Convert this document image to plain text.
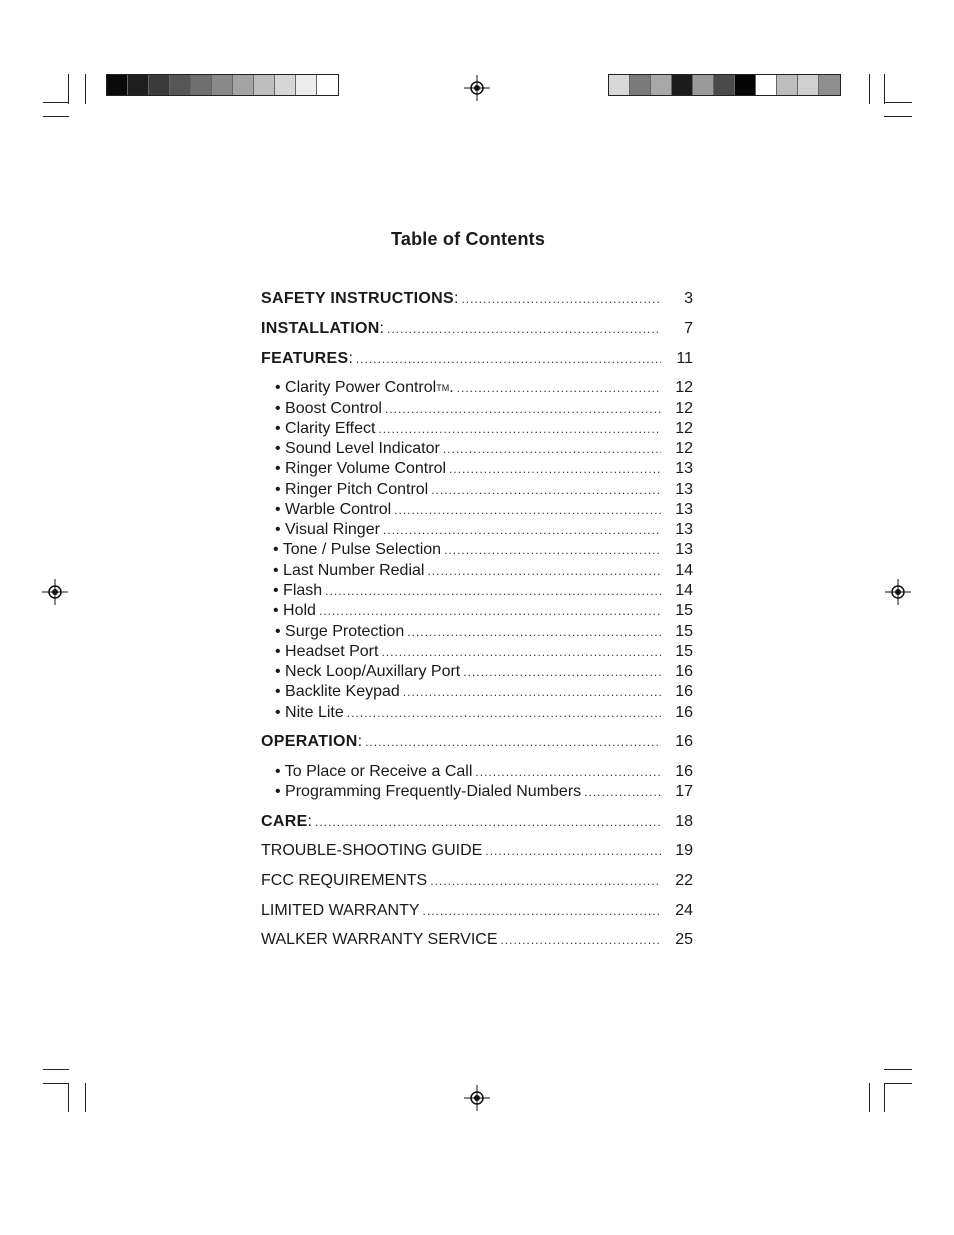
Table of Contents
SAFETY INSTRUCTIONS: .....	3
INSTALLATION: .....	7
FEATURES: .....	11
• Clarity Power Control™. .....	12
• Boost Control .....	12
• Clarity Effect .....	12
• Sound Level Indicator .....	12
• Ringer Volume Control .....	13
• Ringer Pitch Control .....	13
• Warble Control .....	13
• Visual Ringer .....	13
• Tone / Pulse Selection .....	13
• Last Number Redial .....	14
• Flash .....	14
• Hold .....	15
• Surge Protection .....	15
• Headset Port .....	15
• Neck Loop/Auxillary Port .....	16
• Backlite Keypad .....	16
• Nite Lite .....	16
OPERATION: .....	16
• To Place or Receive a Call .....	16
• Programming Frequently-Dialed Numbers .....	17
CARE: .....	18
TROUBLE-SHOOTING GUIDE .....	19
FCC REQUIREMENTS .....	22
LIMITED WARRANTY .....	24
WALKER WARRANTY SERVICE .....	25
